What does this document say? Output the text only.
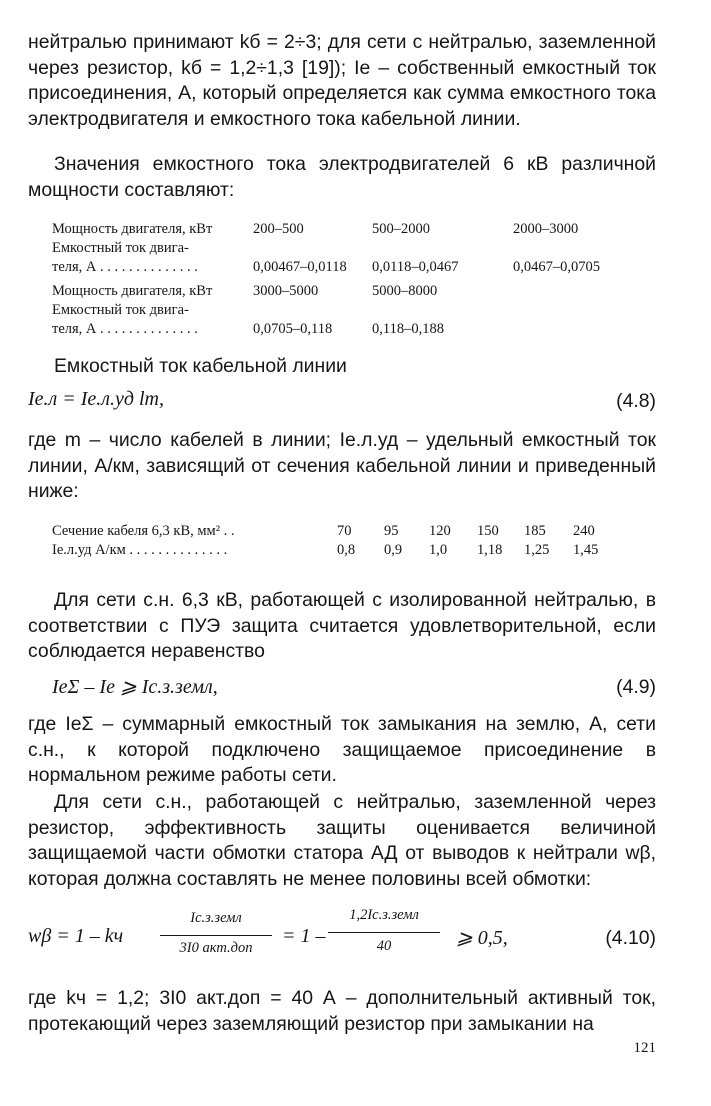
нейтралью принимают kб = 2÷3; для сети с нейтралью, заземленной через резистор, kб = 1,2÷1,3 [19]); Iе – собственный емкостный ток присоединения, А, который определяется как сумма емкостного тока электродвигателя и емкостного тока кабельной линии.

Значения емкостного тока электродвигателей 6 кВ различной мощности составляют:

Мощность двигателя, кВт	200–500	500–2000	2000–3000
Емкостный ток двига-
теля, А . . . . . . . . . . . . . .	0,00467–0,0118 0,0118–0,0467	0,0467–0,0705
Мощность двигателя, кВт	3000–5000	5000–8000
Емкостный ток двига-
теля, А . . . . . . . . . . . . . .	0,0705–0,118	0,118–0,188

Емкостный ток кабельной линии

Iе.л = Iе.л.уд lm,	(4.8)

где m – число кабелей в линии; Iе.л.уд – удельный емкостный ток линии, А/км, зависящий от сечения кабельной линии и приведенный ниже:

Сечение кабеля 6,3 кВ, мм² . .	70 95 120 150 185 240
Iе.л.уд А/км . . . . . . . . . . . . . .	0,8 0,9 1,0 1,18 1,25 1,45

Для сети с.н. 6,3 кВ, работающей с изолированной нейтралью, в соответствии с ПУЭ защита считается удовлетворительной, если соблюдается неравенство

IеΣ – Iе ⩾ Iс.з.земл,	(4.9)

где IеΣ – суммарный емкостный ток замыкания на землю, А, сети с.н., к которой подключено защищаемое присоединение в нормальном режиме работы сети.

Для сети с.н., работающей с нейтралью, заземленной через резистор, эффективность защиты оценивается величиной защищаемой части обмотки статора АД от выводов к нейтрали wβ, которая должна составлять не менее половины всей обмотки:

wβ = 1 – kч
Iс.з.земл
3I0 акт.доп
= 1 –
1,2Iс.з.земл
40	⩾ 0,5,	(4.10)

где kч = 1,2; 3I0 акт.доп = 40 А – дополнительный активный ток, протекающий через заземляющий резистор при замыкании на

121
